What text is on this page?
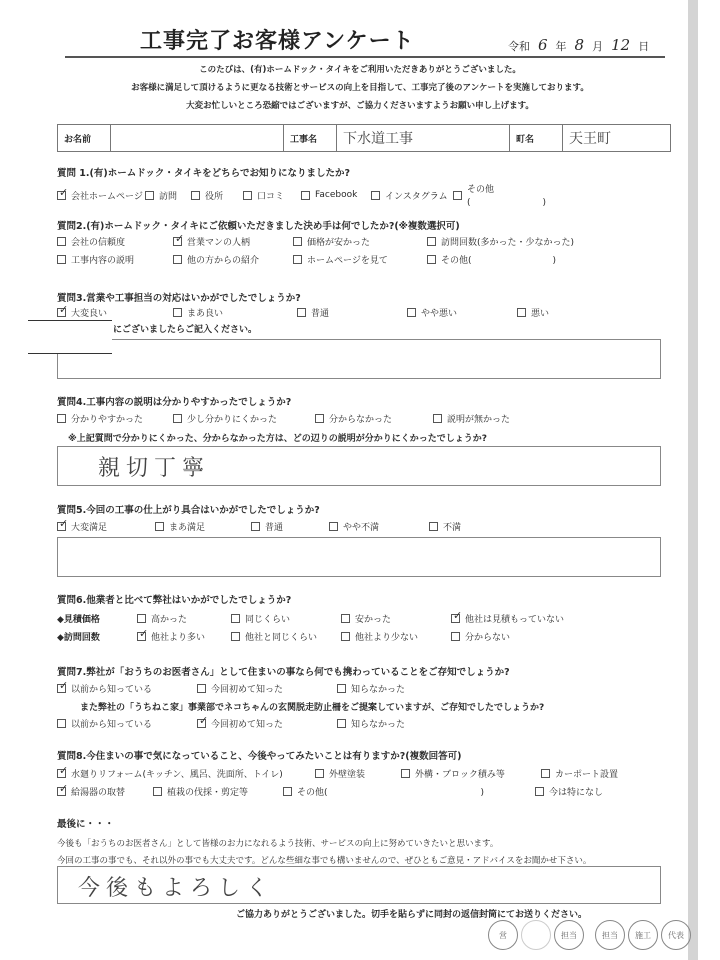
工事完了お客様アンケート	令和 6 年 8 月 12 日
このたびは、(有)ホームドック・タイキをご利用いただきありがとうございました。
お客様に満足して頂けるように更なる技術とサービスの向上を目指して、工事完了後のアンケートを実施しております。
大変お忙しいところ恐縮ではございますが、ご協力くださいますようお願い申し上げます。
お名前	工事名	下水道工事	町名	天王町
質問 1.(有)ホームドック・タイキをどちらでお知りになりましたか?
✓
会社ホームページ 訪問	役所	口コミ	Facebook	インスタグラム
その他(　　　　　　　　)
質問2.(有)ホームドック・タイキにご依頼いただきました決め手は何でしたか?(※複数選択可)
会社の信頼度 ✓	営業マンの人柄	価格が安かった	訪問回数(多かった・少なかった)
工事内容の説明	他の方からの紹介	ホームページを見て	その他(　　　　　　　　　)
質問3.営業や工事担当の対応はいかがでしたでしょうか?
✓
大変良い	まあ良い	普通	やや悪い	悪い
にございましたらご記入ください。
質問4.工事内容の説明は分かりやすかったでしょうか?
分かりやすかった	少し分かりにくかった	分からなかった	説明が無かった
※上記質問で分かりにくかった、分からなかった方は、どの辺りの説明が分かりにくかったでしょうか?
親切丁寧
質問5.今回の工事の仕上がり具合はいかがでしたでしょうか?
✓
大変満足	まあ満足	普通	やや不満	不満
質問6.他業者と比べて弊社はいかがでしたでしょうか?
◆見積価格	高かった	同じくらい	安かった ✓	他社は見積もっていない
◆訪問回数 ✓	他社より多い	他社と同じくらい	他社より少ない	分からない
質問7.弊社が「おうちのお医者さん」として住まいの事なら何でも携わっていることをご存知でしょうか?
✓
以前から知っている	今回初めて知った	知らなかった
また弊社の「うちねこ家」事業部でネコちゃんの玄関脱走防止柵をご提案していますが、ご存知でしたでしょうか?
以前から知っている ✓	今回初めて知った	知らなかった
質問8.今住まいの事で気になっていること、今後やってみたいことは有りますか?(複数回答可)
✓
水廻りリフォーム(キッチン、風呂、洗面所、トイレ)	外壁塗装	外構・ブロック積み等	カーポート設置
✓
給湯器の取替	植栽の伐採・剪定等	その他(　　　　　　　　　　　　　　　　　)	今は特になし
最後に・・・
今後も「おうちのお医者さん」として皆様のお力になれるよう技術、サービスの向上に努めていきたいと思います。
今回の工事の事でも、それ以外の事でも大丈夫です。どんな些細な事でも構いませんので、ぜひともご意見・アドバイスをお聞かせ下さい。
今後もよろしく
ご協力ありがとうございました。切手を貼らずに同封の返信封筒にてお送りください。
営	担当	担当	施工	代表
